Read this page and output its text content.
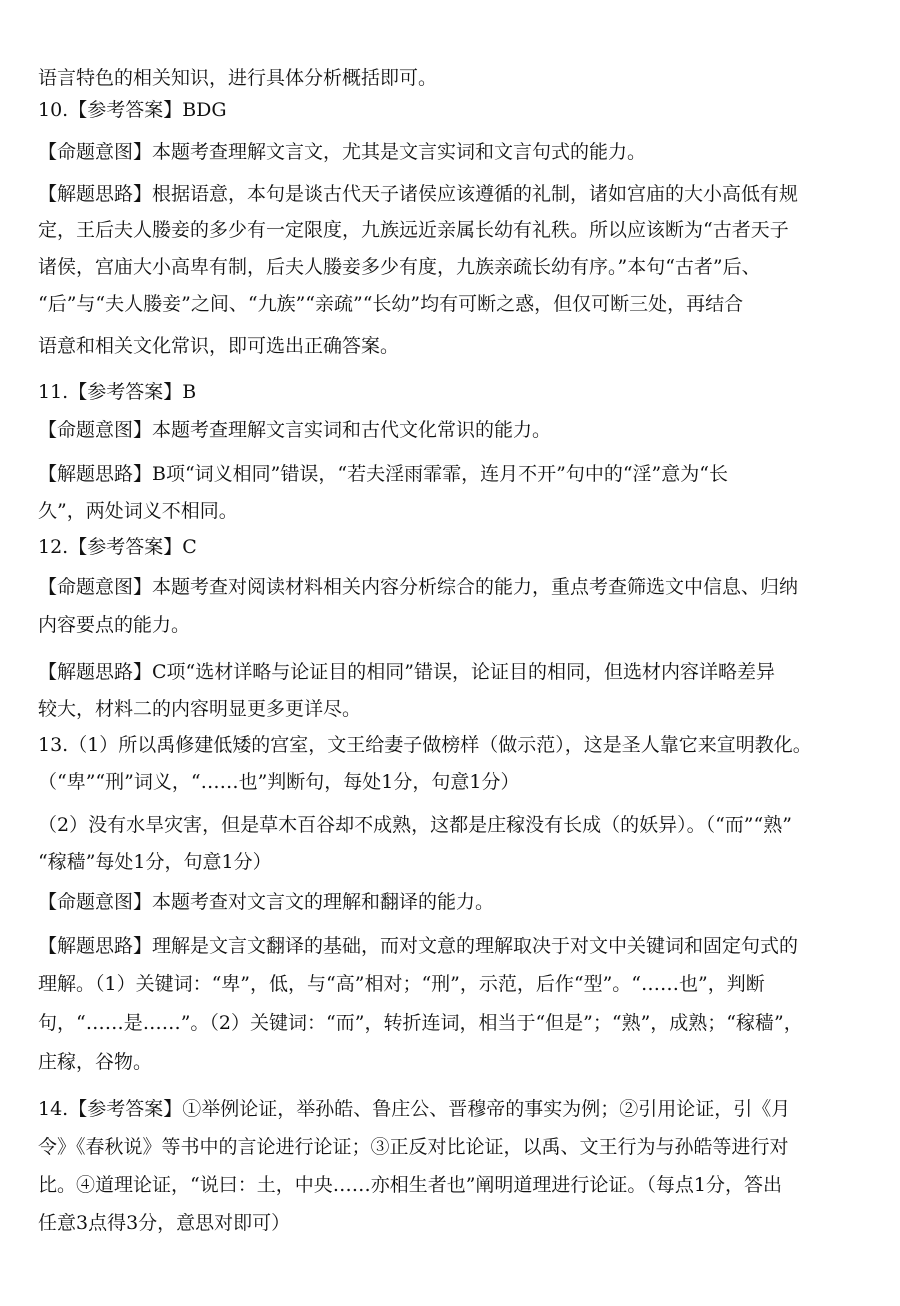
语言特色的相关知识，进行具体分析概括即可。
10.【参考答案】BDG
【命题意图】本题考查理解文言文，尤其是文言实词和文言句式的能力。
【解题思路】根据语意，本句是谈古代天子诸侯应该遵循的礼制，诸如宫庙的大小高低有规
定，王后夫人媵妾的多少有一定限度，九族远近亲属长幼有礼秩。所以应该断为“古者天子
诸侯，宫庙大小高卑有制，后夫人媵妾多少有度，九族亲疏长幼有序。”本句“古者”后、
“后”与“夫人媵妾”之间、“九族”“亲疏”“长幼”均有可断之惑，但仅可断三处，再结合
语意和相关文化常识，即可选出正确答案。
11.【参考答案】B
【命题意图】本题考查理解文言实词和古代文化常识的能力。
【解题思路】B项“词义相同”错误，“若夫淫雨霏霏，连月不开”句中的“淫”意为“长
久”，两处词义不相同。
12.【参考答案】C
【命题意图】本题考查对阅读材料相关内容分析综合的能力，重点考查筛选文中信息、归纳
内容要点的能力。
【解题思路】C项“选材详略与论证目的相同”错误，论证目的相同，但选材内容详略差异
较大，材料二的内容明显更多更详尽。
13.（1）所以禹修建低矮的宫室，文王给妻子做榜样（做示范），这是圣人靠它来宣明教化。
（“卑”“刑”词义，“……也”判断句，每处1分，句意1分）
（2）没有水旱灾害，但是草木百谷却不成熟，这都是庄稼没有长成（的妖异）。（“而”“熟”
“稼穑”每处1分，句意1分）
【命题意图】本题考查对文言文的理解和翻译的能力。
【解题思路】理解是文言文翻译的基础，而对文意的理解取决于对文中关键词和固定句式的
理解。（1）关键词：“卑”，低，与“高”相对；“刑”，示范，后作“型”。“……也”，判断
句，“……是……”。（2）关键词：“而”，转折连词，相当于“但是”；“熟”，成熟；“稼穑”，
庄稼，谷物。
14.【参考答案】①举例论证，举孙皓、鲁庄公、晋穆帝的事实为例；②引用论证，引《月
令》《春秋说》等书中的言论进行论证；③正反对比论证，以禹、文王行为与孙皓等进行对
比。④道理论证，“说曰：土，中央……亦相生者也”阐明道理进行论证。（每点1分，答出
任意3点得3分，意思对即可）
